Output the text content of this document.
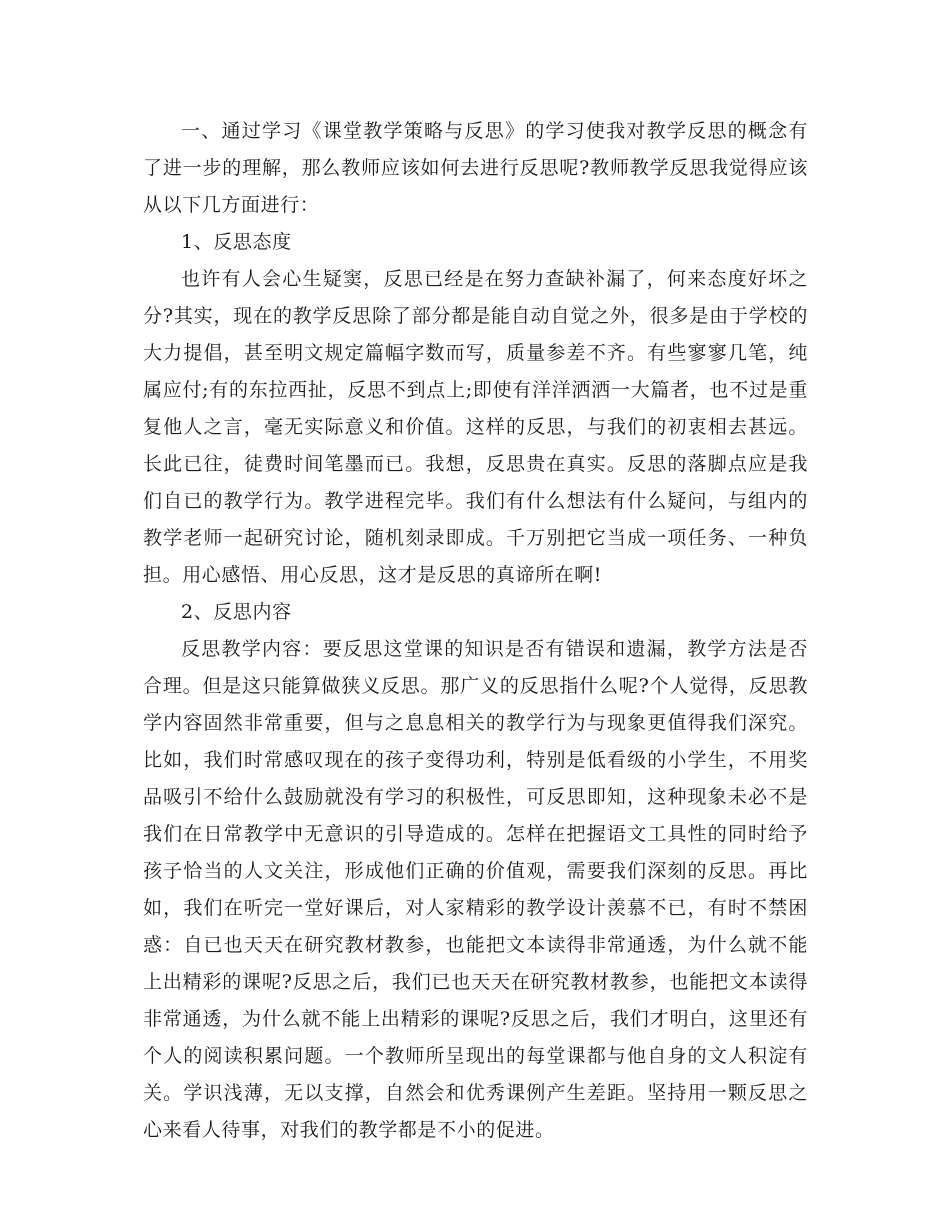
一、通过学习《课堂教学策略与反思》的学习使我对教学反思的概念有了进一步的理解，那么教师应该如何去进行反思呢?教师教学反思我觉得应该从以下几方面进行：

1、反思态度

也许有人会心生疑窦，反思已经是在努力查缺补漏了，何来态度好坏之分?其实，现在的教学反思除了部分都是能自动自觉之外，很多是由于学校的大力提倡，甚至明文规定篇幅字数而写，质量参差不齐。有些寥寥几笔，纯属应付;有的东拉西扯，反思不到点上;即使有洋洋洒洒一大篇者，也不过是重复他人之言，毫无实际意义和价值。这样的反思，与我们的初衷相去甚远。长此已往，徒费时间笔墨而已。我想，反思贵在真实。反思的落脚点应是我们自已的教学行为。教学进程完毕。我们有什么想法有什么疑问，与组内的教学老师一起研究讨论，随机刻录即成。千万别把它当成一项任务、一种负担。用心感悟、用心反思，这才是反思的真谛所在啊!

2、反思内容

反思教学内容：要反思这堂课的知识是否有错误和遗漏，教学方法是否合理。但是这只能算做狭义反思。那广义的反思指什么呢?个人觉得，反思教学内容固然非常重要，但与之息息相关的教学行为与现象更值得我们深究。比如，我们时常感叹现在的孩子变得功利，特别是低看级的小学生，不用奖品吸引不给什么鼓励就没有学习的积极性，可反思即知，这种现象未必不是我们在日常教学中无意识的引导造成的。怎样在把握语文工具性的同时给予孩子恰当的人文关注，形成他们正确的价值观，需要我们深刻的反思。再比如，我们在听完一堂好课后，对人家精彩的教学设计羡慕不已，有时不禁困惑：自已也天天在研究教材教参，也能把文本读得非常通透，为什么就不能上出精彩的课呢?反思之后，我们已也天天在研究教材教参，也能把文本读得非常通透，为什么就不能上出精彩的课呢?反思之后，我们才明白，这里还有个人的阅读积累问题。一个教师所呈现出的每堂课都与他自身的文人积淀有关。学识浅薄，无以支撑，自然会和优秀课例产生差距。坚持用一颗反思之心来看人待事，对我们的教学都是不小的促进。
